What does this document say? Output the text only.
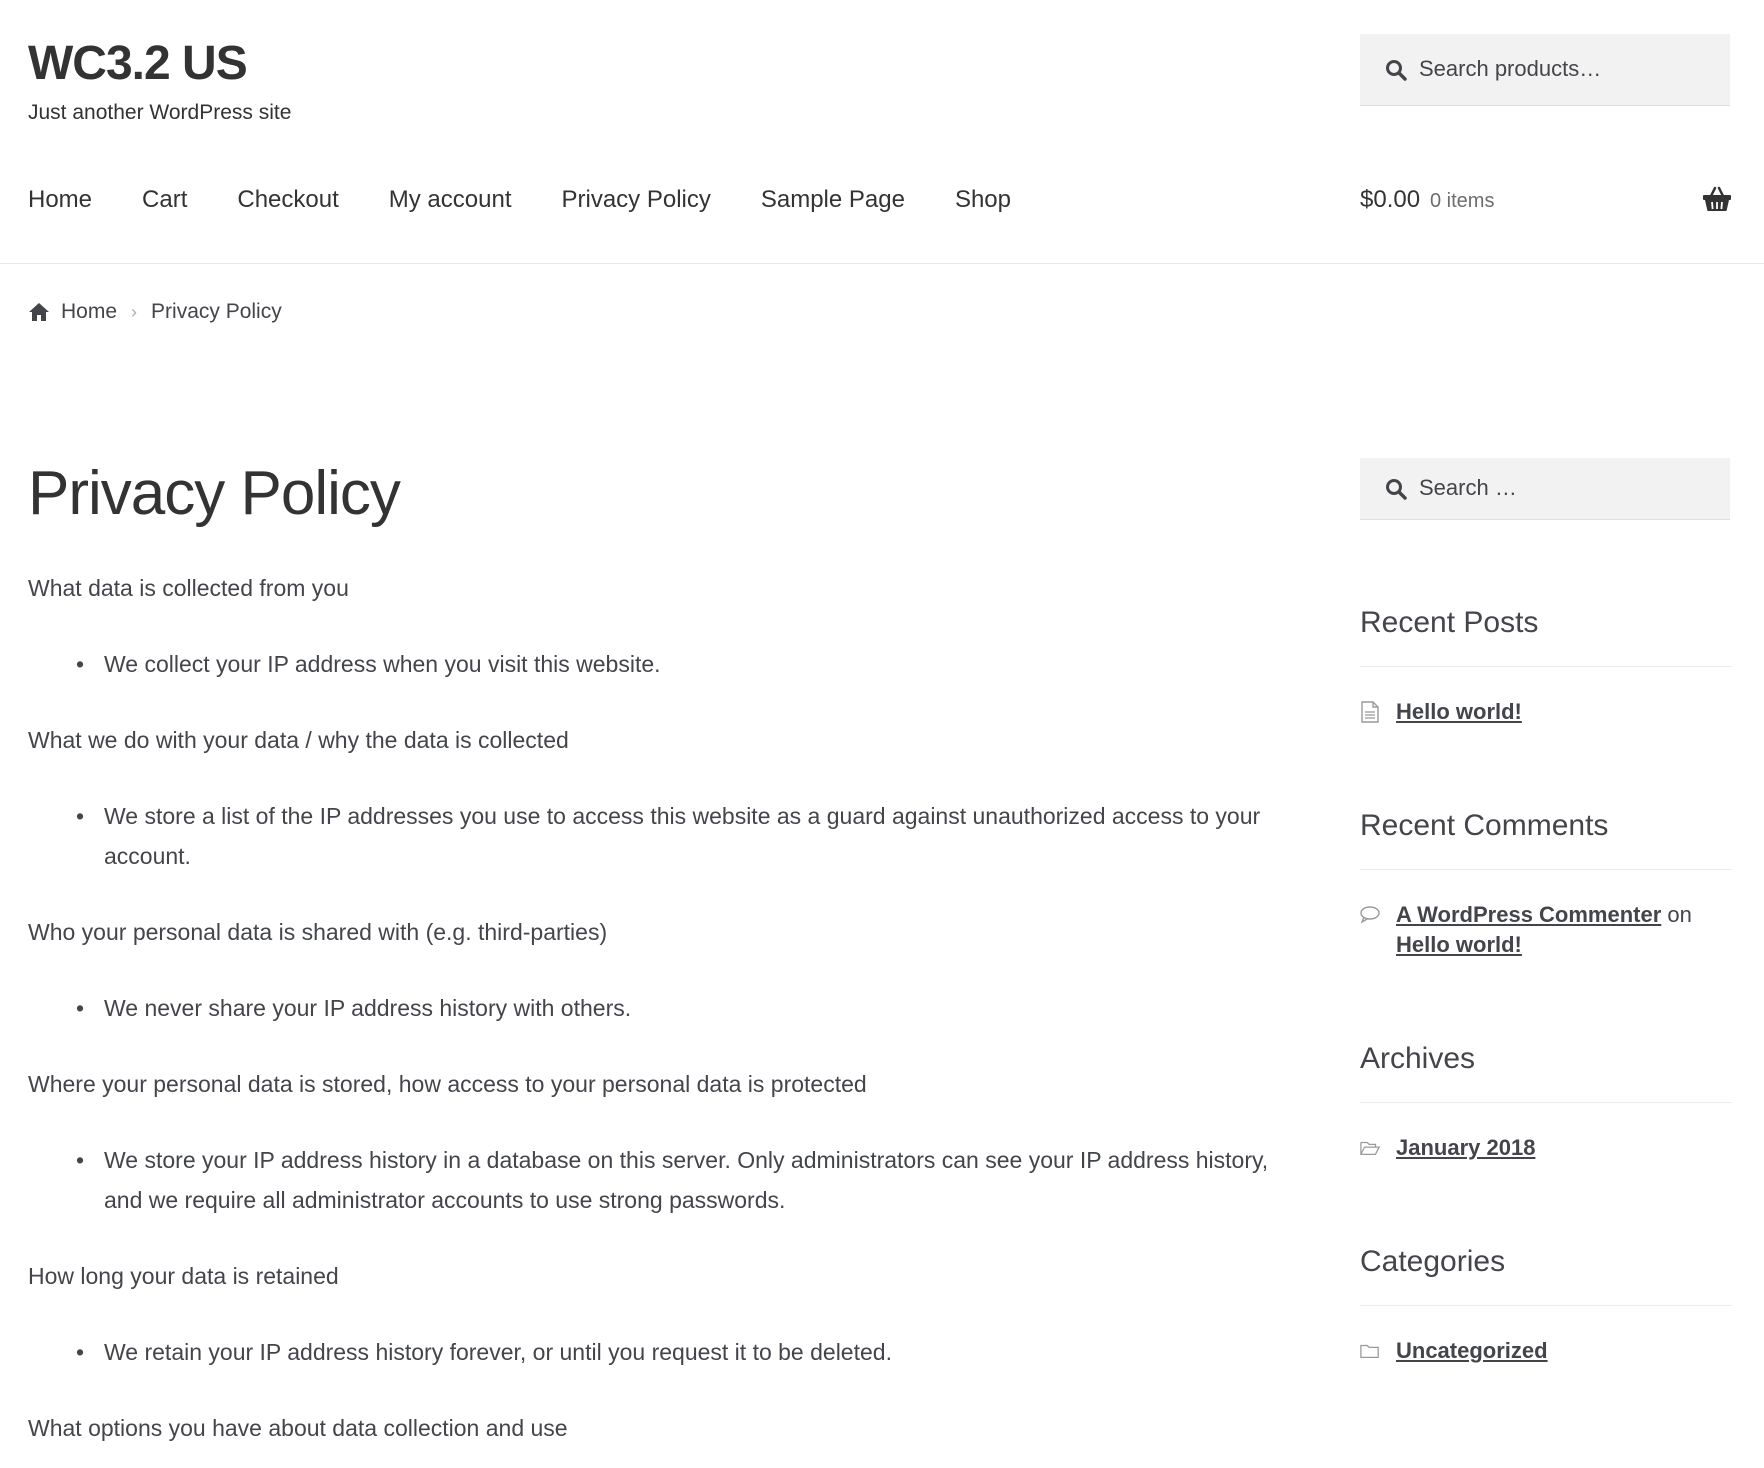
WC3.2 US
Just another WordPress site
Search products…
Home Cart Checkout My account Privacy Policy Sample Page Shop	$0.00 0 items
Home › Privacy Policy
Privacy Policy

What data is collected from you

• We collect your IP address when you visit this website.

What we do with your data / why the data is collected

• We store a list of the IP addresses you use to access this website as a guard against unauthorized access to your account.

Who your personal data is shared with (e.g. third-parties)

• We never share your IP address history with others.

Where your personal data is stored, how access to your personal data is protected

• We store your IP address history in a database on this server. Only administrators can see your IP address history, and we require all administrator accounts to use strong passwords.

How long your data is retained

• We retain your IP address history forever, or until you request it to be deleted.

What options you have about data collection and use

Search …
Recent Posts
Hello world!
Recent Comments
A WordPress Commenter on Hello world!
Archives
January 2018
Categories
Uncategorized
